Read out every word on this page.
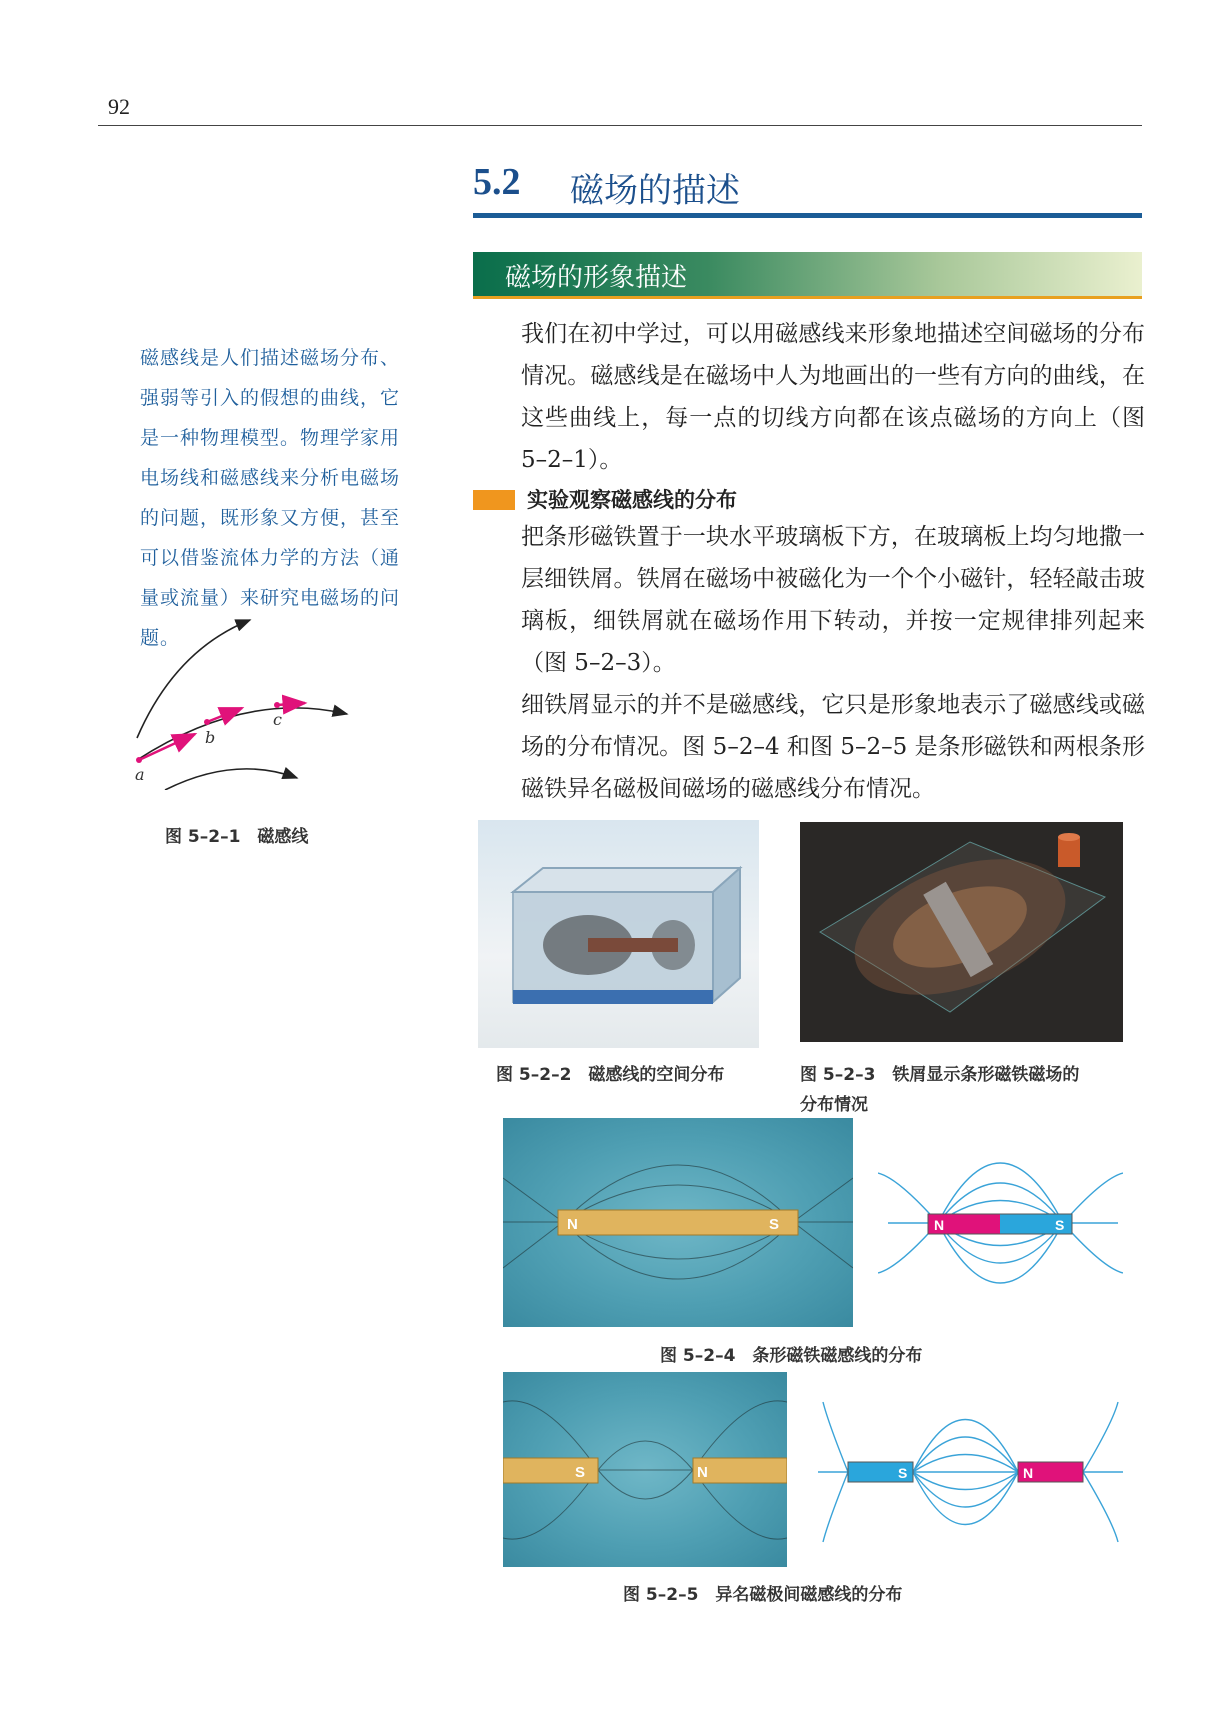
92
5.2 磁场的描述
磁场的形象描述
我们在初中学过，可以用磁感线来形象地描述空间磁场的分布情况。磁感线是在磁场中人为地画出的一些有方向的曲线，在这些曲线上，每一点的切线方向都在该点磁场的方向上（图5–2–1）。
实验观察磁感线的分布
把条形磁铁置于一块水平玻璃板下方，在玻璃板上均匀地撒一层细铁屑。铁屑在磁场中被磁化为一个个小磁针，轻轻敲击玻璃板，细铁屑就在磁场作用下转动，并按一定规律排列起来（图 5–2–3）。
细铁屑显示的并不是磁感线，它只是形象地表示了磁感线或磁场的分布情况。图 5–2–4 和图 5–2–5 是条形磁铁和两根条形磁铁异名磁极间磁场的磁感线分布情况。
磁感线是人们描述磁场分布、强弱等引入的假想的曲线，它是一种物理模型。物理学家用电场线和磁感线来分析电磁场的问题，既形象又方便，甚至可以借鉴流体力学的方法（通量或流量）来研究电磁场的问题。
a
b
c
图 5–2–1　磁感线
图 5–2–2　磁感线的空间分布	图 5–2–3　铁屑显示条形磁铁磁场的
分布情况
N	S	N	S
图 5–2–4　条形磁铁磁感线的分布
S	N	S	N
图 5–2–5　异名磁极间磁感线的分布
